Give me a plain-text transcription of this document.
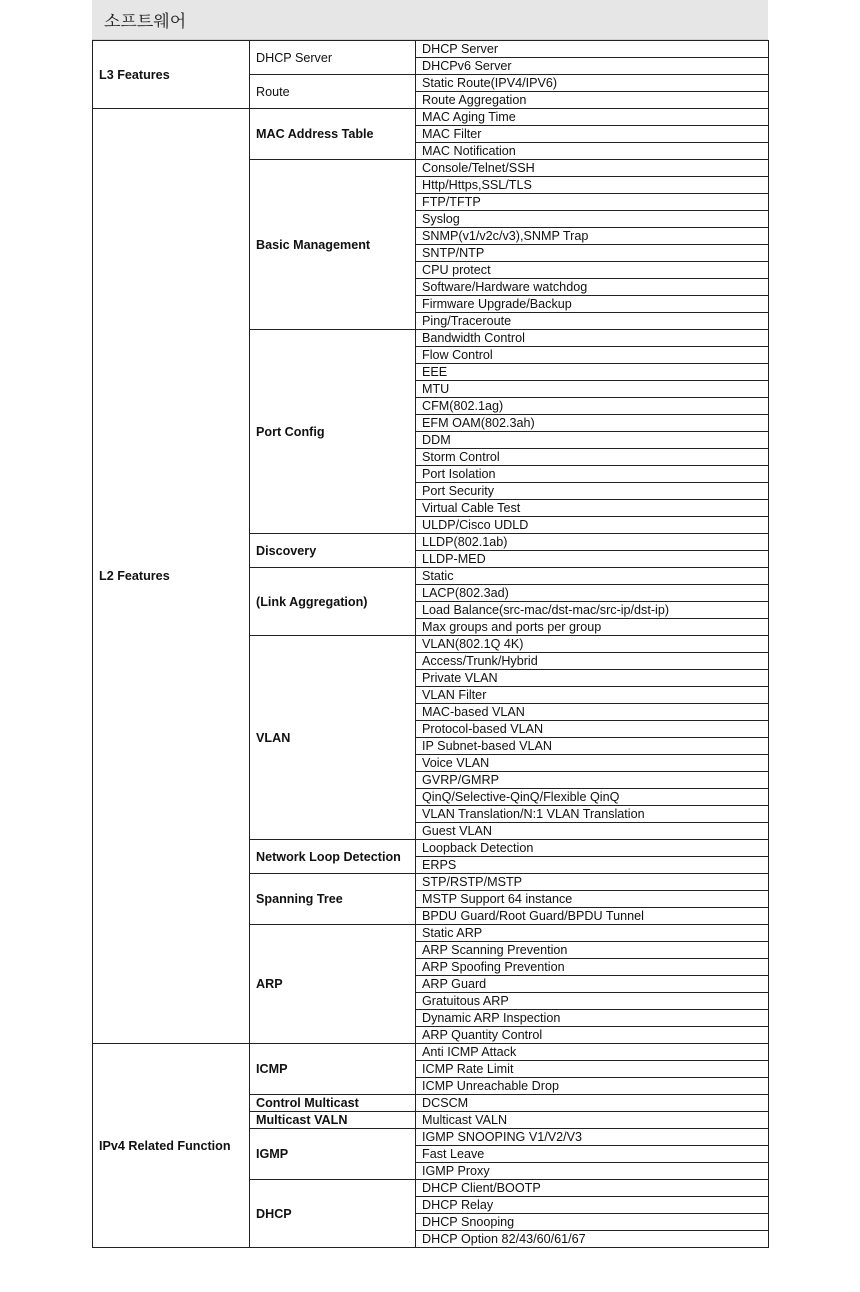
소프트웨어
L3 Features	DHCP Server	DHCP Server
		DHCPv6 Server
	Route	Static Route(IPV4/IPV6)
		Route Aggregation
L2 Features	MAC Address Table	MAC Aging Time
		MAC Filter
		MAC Notification
	Basic Management	Console/Telnet/SSH
		Http/Https,SSL/TLS
		FTP/TFTP
		Syslog
		SNMP(v1/v2c/v3),SNMP Trap
		SNTP/NTP
		CPU protect
		Software/Hardware watchdog
		Firmware Upgrade/Backup
		Ping/Traceroute
	Port Config	Bandwidth Control
		Flow Control
		EEE
		MTU
		CFM(802.1ag)
		EFM OAM(802.3ah)
		DDM
		Storm Control
		Port Isolation
		Port Security
		Virtual Cable Test
		ULDP/Cisco UDLD
	Discovery	LLDP(802.1ab)
		LLDP-MED
	(Link Aggregation)	Static
		LACP(802.3ad)
		Load Balance(src-mac/dst-mac/src-ip/dst-ip)
		Max groups and ports per group
	VLAN	VLAN(802.1Q 4K)
		Access/Trunk/Hybrid
		Private VLAN
		VLAN Filter
		MAC-based VLAN
		Protocol-based VLAN
		IP Subnet-based VLAN
		Voice VLAN
		GVRP/GMRP
		QinQ/Selective-QinQ/Flexible QinQ
		VLAN Translation/N:1 VLAN Translation
		Guest VLAN
	Network Loop Detection	Loopback Detection
		ERPS
	Spanning Tree	STP/RSTP/MSTP
		MSTP Support 64 instance
		BPDU Guard/Root Guard/BPDU Tunnel
	ARP	Static ARP
		ARP Scanning Prevention
		ARP Spoofing Prevention
		ARP Guard
		Gratuitous ARP
		Dynamic ARP Inspection
		ARP Quantity Control
IPv4 Related Function	ICMP	Anti ICMP Attack
		ICMP Rate Limit
		ICMP Unreachable Drop
	Control Multicast	DCSCM
	Multicast VALN	Multicast VALN
	IGMP	IGMP SNOOPING V1/V2/V3
		Fast Leave
		IGMP Proxy
	DHCP	DHCP Client/BOOTP
		DHCP Relay
		DHCP Snooping
		DHCP Option 82/43/60/61/67
